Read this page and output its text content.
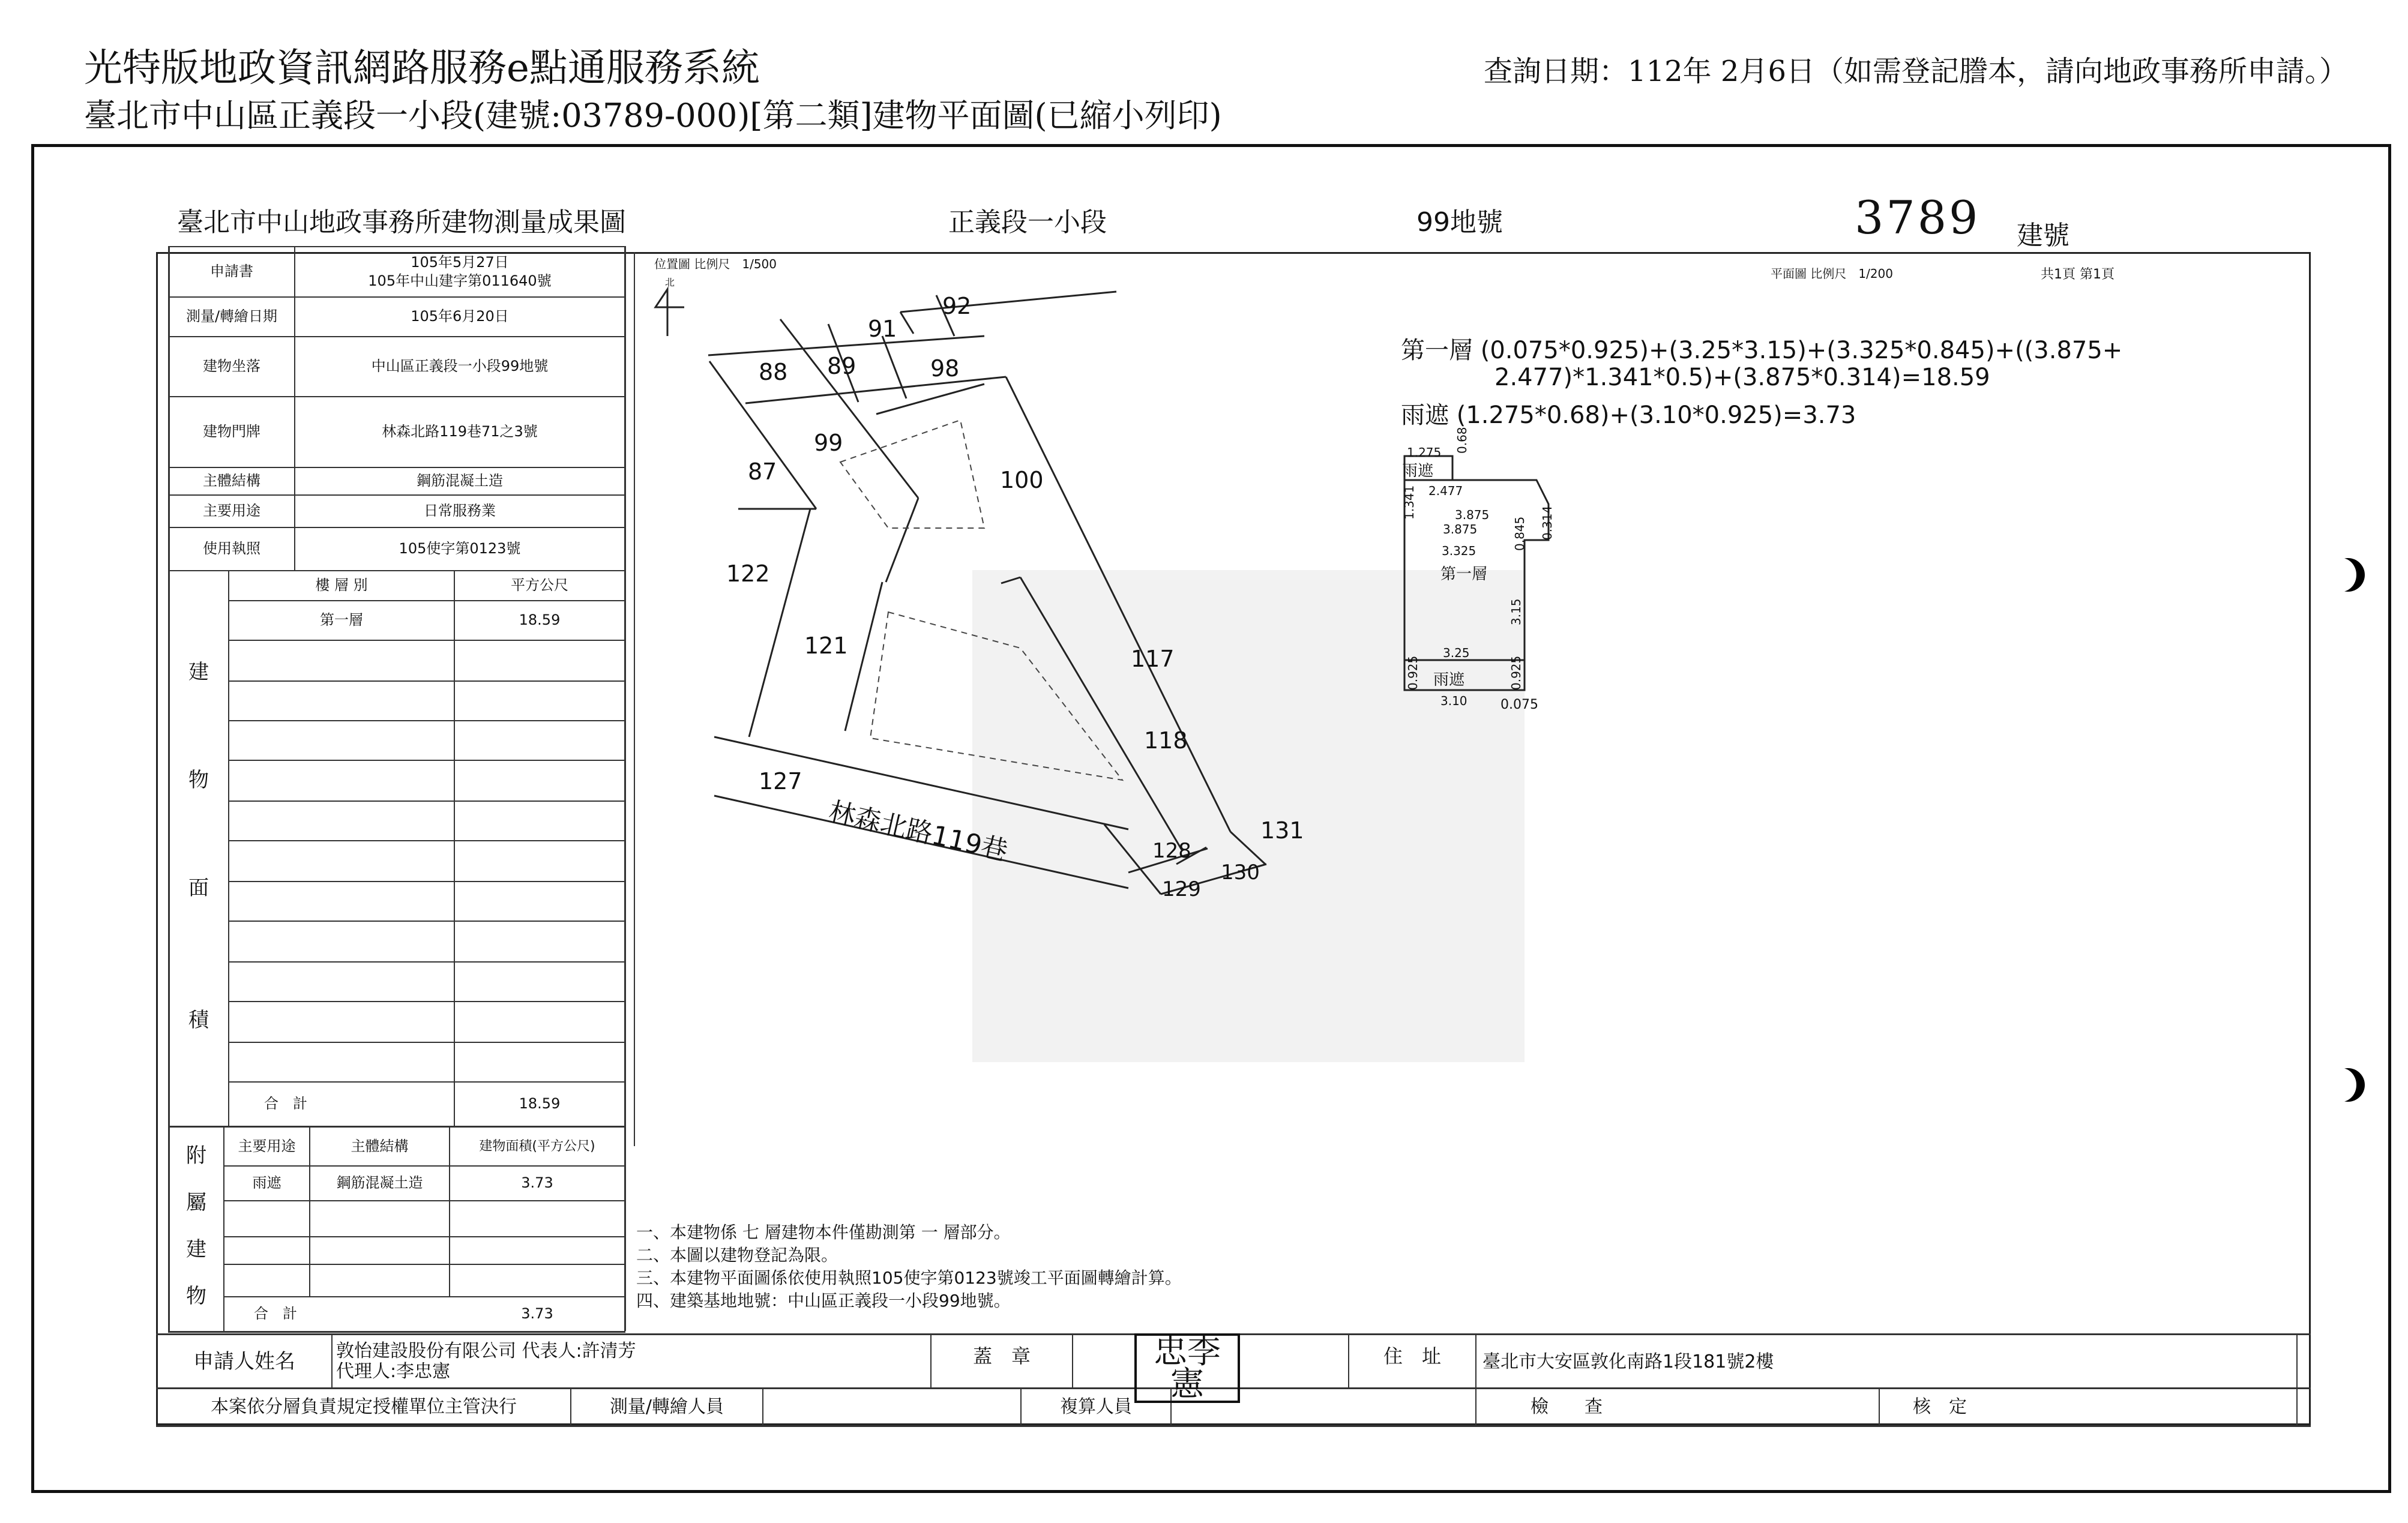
光特版地政資訊網路服務e點通服務系統
臺北市中山區正義段一小段(建號:03789-000)[第二類]建物平面圖(已縮小列印)
查詢日期：112年 2月6日（如需登記謄本，請向地政事務所申請。）
臺北市中山地政事務所建物測量成果圖	正義段一小段	99地號	3789 建號
申請書
105年5月27日
105年中山建字第011640號
測量/轉繪日期	105年6月20日
建物坐落	中山區正義段一小段99地號
建物門牌	林森北路119巷71之3號
主體結構	鋼筋混凝土造
主要用途	日常服務業
使用執照	105使字第0123號
建
物
面
積
樓 層 別	平方公尺
第一層	18.59
合　計	18.59
附
屬
建
物
主要用途	主體結構	建物面積(平方公尺)
雨遮	鋼筋混凝土造	3.73
合　計	3.73
位置圖 比例尺　1/500
北
92
91
88 89	98
99
87	100
122
121	117
118
127
131
128
130
129
林森北路119巷
平面圖 比例尺　1/200	共1頁 第1頁
第一層 (0.075*0.925)+(3.25*3.15)+(3.325*0.845)+((3.875+
2.477)*1.341*0.5)+(3.875*0.314)=18.59
雨遮 (1.275*0.68)+(3.10*0.925)=3.73
1.275
雨遮
0.68
1.341 2.477
3.875
3.875	0.314
0.845
3.325
第一層
3.15
3.25
0.925	0.925
雨遮
3.10	0.075
一、本建物係 七 層建物本件僅勘測第 一 層部分。
二、本圖以建物登記為限。
三、本建物平面圖係依使用執照105使字第0123號竣工平面圖轉繪計算。
四、建築基地地號：中山區正義段一小段99地號。
申請人姓名	敦怡建設股份有限公司 代表人:許清芳
代理人:李忠憲
蓋　章	住　址	臺北市大安區敦化南路1段181號2樓
本案依分層負責規定授權單位主管決行	測量/轉繪人員	複算人員	檢　　查	核　定
忠李
憲
